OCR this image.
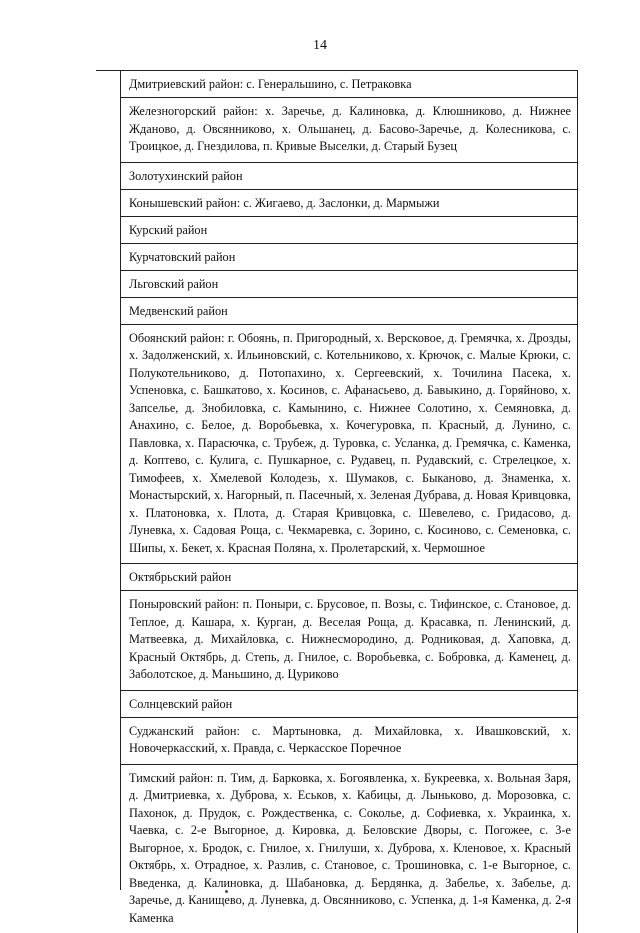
14
Дмитриевский район: с. Генеральшино, с. Петраковка
Железногорский район: х. Заречье, д. Калиновка, д. Клюшниково, д. Нижнее Жданово, д. Овсянниково, х. Ольшанец, д. Басово-Заречье, д. Колесникова, с. Троицкое, д. Гнездилова, п. Кривые Выселки, д. Старый Бузец
Золотухинский район
Конышевский район: с. Жигаево, д. Заслонки, д. Мармыжи
Курский район
Курчатовский район
Льговский район
Медвенский район
Обоянский район: г. Обоянь, п. Пригородный, х. Версковое, д. Гремячка, х. Дрозды, х. Задолженский, х. Ильиновский, с. Котельниково, х. Крючок, с. Малые Крюки, с. Полукотельниково, д. Потопахино, х. Сергеевский, х. Точилина Пасека, х. Успеновка, с. Башкатово, х. Косинов, с. Афанасьево, д. Бавыкино, д. Горяйново, х. Запселье, д. Знобиловка, с. Камынино, с. Нижнее Солотино, х. Семяновка, д. Анахино, с. Белое, д. Воробьевка, х. Кочегуровка, п. Красный, д. Лунино, с. Павловка, х. Парасючка, с. Трубеж, д. Туровка, с. Усланка, д. Гремячка, с. Каменка, д. Коптево, с. Кулига, с. Пушкарное, с. Рудавец, п. Рудавский, с. Стрелецкое, х. Тимофеев, х. Хмелевой Колодезь, х. Шумаков, с. Быканово, д. Знаменка, х. Монастырский, х. Нагорный, п. Пасечный, х. Зеленая Дубрава, д. Новая Кривцовка, х. Платоновка, х. Плота, д. Старая Кривцовка, с. Шевелево, с. Гридасово, д. Луневка, х. Садовая Роща, с. Чекмаревка, с. Зорино, с. Косиново, с. Семеновка, с. Шипы, х. Бекет, х. Красная Поляна, х. Пролетарский, х. Чермошное
Октябрьский район
Поныровский район: п. Поныри, с. Брусовое, п. Возы, с. Тифинское, с. Становое, д. Теплое, д. Кашара, х. Курган, д. Веселая Роща, д. Красавка, п. Ленинский, д. Матвеевка, д. Михайловка, с. Нижнесмородино, д. Родниковая, д. Хаповка, д. Красный Октябрь, д. Степь, д. Гнилое, с. Воробьевка, с. Бобровка, д. Каменец, д. Заболотское, д. Маньшино, д. Цуриково
Солнцевский район
Суджанский район: с. Мартыновка, д. Михайловка, х. Ивашковский, х. Новочеркасский, х. Правда, с. Черкасское Поречное
Тимский район: п. Тим, д. Барковка, х. Богоявленка, х. Букреевка, х. Вольная Заря, д. Дмитриевка, х. Дуброва, х. Еськов, х. Кабицы, д. Лыньково, д. Морозовка, с. Пахонок, д. Прудок, с. Рождественка, с. Соколье, д. Софиевка, х. Украинка, х. Чаевка, с. 2-е Выгорное, д. Кировка, д. Беловские Дворы, с. Погожее, с. 3-е Выгорное, х. Бродок, с. Гнилое, х. Гнилуши, х. Дуброва, х. Кленовое, х. Красный Октябрь, х. Отрадное, х. Разлив, с. Становое, с. Трошиновка, с. 1-е Выгорное, с. Введенка, д. Калиновка, д. Шабановка, д. Бердянка, д. Забелье, х. Забелье, д. Заречье, д. Канищево, д. Луневка, д. Овсянниково, с. Успенка, д. 1-я Каменка, д. 2-я Каменка
